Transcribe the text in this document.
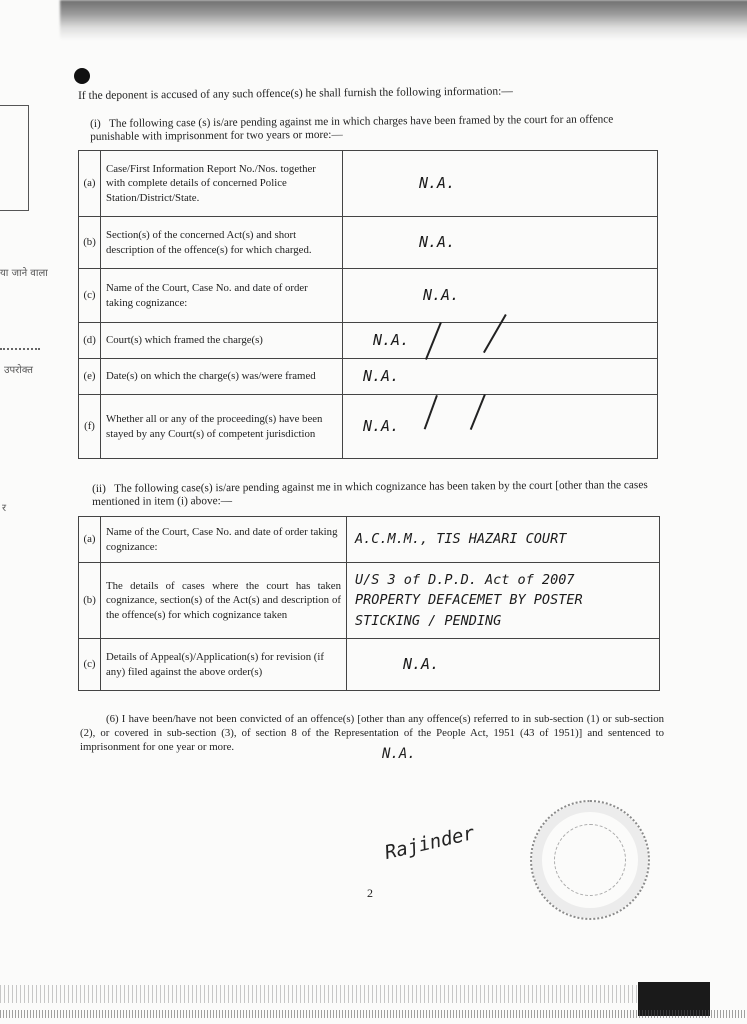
या जाने वाला
उपरोक्त
र
If the deponent is accused of any such offence(s) he shall furnish the following information:—
(i) The following case (s) is/are pending against me in which charges have been framed by the court for an offence punishable with imprisonment for two years or more:—
(a)	Case/First Information Report No./Nos. together with complete details of concerned Police Station/District/State.	N.A.
(b)	Section(s) of the concerned Act(s) and short description of the offence(s) for which charged.	N.A.
(c)	Name of the Court, Case No. and date of order taking cognizance:	N.A.
(d)	Court(s) which framed the charge(s)	N.A.
(e)	Date(s) on which the charge(s) was/were framed	N.A.
(f)	Whether all or any of the proceeding(s) have been stayed by any Court(s) of competent jurisdiction	N.A.
(ii) The following case(s) is/are pending against me in which cognizance has been taken by the court [other than the cases mentioned in item (i) above:—
(a)	Name of the Court, Case No. and date of order taking cognizance:	A.C.M.M., TIS HAZARI COURT
(b)	The details of cases where the court has taken cognizance, section(s) of the Act(s) and description of the offence(s) for which cognizance taken	U/S 3 of D.P.D. Act of 2007
PROPERTY DEFACEMET BY POSTER
STICKING / PENDING

(c)	Details of Appeal(s)/Application(s) for revision (if any) filed against the above order(s)	N.A.
(6) I have been/have not been convicted of an offence(s) [other than any offence(s) referred to in sub-section (1) or sub-section (2), or covered in sub-section (3), of section 8 of the Representation of the People Act, 1951 (43 of 1951)] and sentenced to imprisonment for one year or more.	N.A.
Rajinder
2
